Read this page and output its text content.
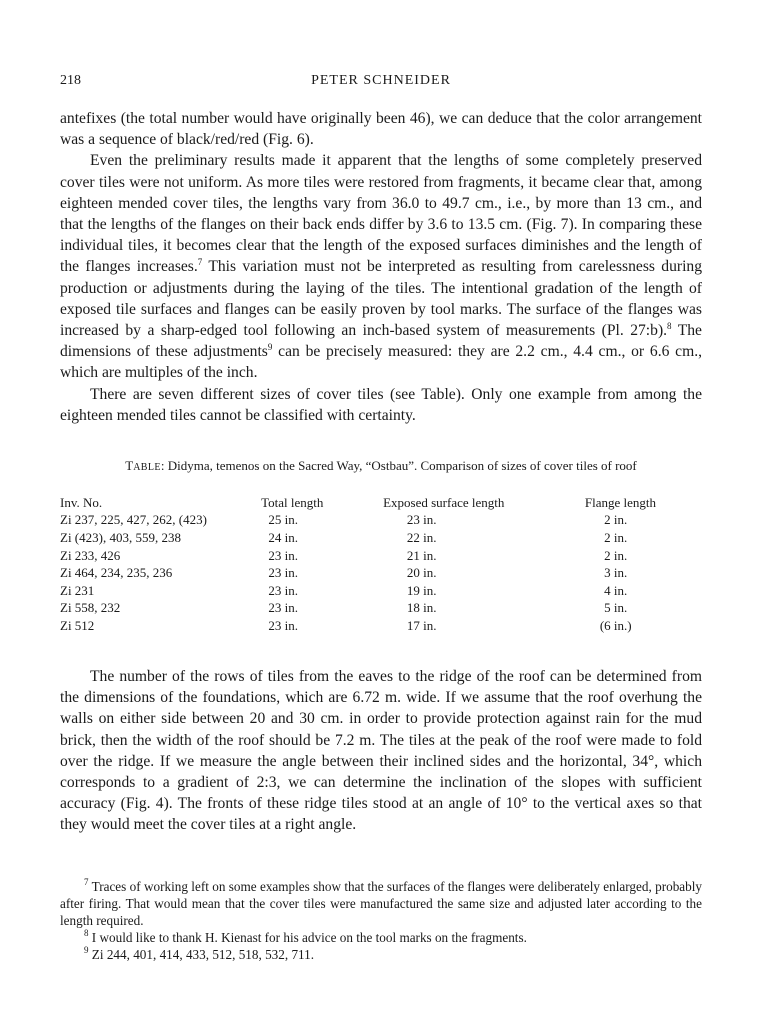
218	PETER SCHNEIDER

antefixes (the total number would have originally been 46), we can deduce that the color arrangement was a sequence of black/red/red (Fig. 6).

Even the preliminary results made it apparent that the lengths of some completely preserved cover tiles were not uniform. As more tiles were restored from fragments, it became clear that, among eighteen mended cover tiles, the lengths vary from 36.0 to 49.7 cm., i.e., by more than 13 cm., and that the lengths of the flanges on their back ends differ by 3.6 to 13.5 cm. (Fig. 7). In comparing these individual tiles, it becomes clear that the length of the exposed surfaces diminishes and the length of the flanges increases.$^7$ This variation must not be interpreted as resulting from carelessness during production or adjustments during the laying of the tiles. The intentional gradation of the length of exposed tile surfaces and flanges can be easily proven by tool marks. The surface of the flanges was increased by a sharp-edged tool following an inch-based system of measurements (Pl. 27:b).$^8$ The dimensions of these adjustments$^9$ can be precisely measured: they are 2.2 cm., 4.4 cm., or 6.6 cm., which are multiples of the inch.

There are seven different sizes of cover tiles (see Table). Only one example from among the eighteen mended tiles cannot be classified with certainty.

TABLE: Didyma, temenos on the Sacred Way, “Ostbau”. Comparison of sizes of cover tiles of roof
Inv. No.	Total length	Exposed surface length	Flange length
Zi 237, 225, 427, 262, (423)	25 in.	23 in.	2 in.
Zi (423), 403, 559, 238	24 in.	22 in.	2 in.
Zi 233, 426	23 in.	21 in.	2 in.
Zi 464, 234, 235, 236	23 in.	20 in.	3 in.
Zi 231	23 in.	19 in.	4 in.
Zi 558, 232	23 in.	18 in.	5 in.
Zi 512	23 in.	17 in.	(6 in.)

The number of the rows of tiles from the eaves to the ridge of the roof can be determined from the dimensions of the foundations, which are 6.72 m. wide. If we assume that the roof overhung the walls on either side between 20 and 30 cm. in order to provide protection against rain for the mud brick, then the width of the roof should be 7.2 m. The tiles at the peak of the roof were made to fold over the ridge. If we measure the angle between their inclined sides and the horizontal, 34°, which corresponds to a gradient of 2:3, we can determine the inclination of the slopes with sufficient accuracy (Fig. 4). The fronts of these ridge tiles stood at an angle of 10° to the vertical axes so that they would meet the cover tiles at a right angle.

$^7$ Traces of working left on some examples show that the surfaces of the flanges were deliberately enlarged, probably after firing. That would mean that the cover tiles were manufactured the same size and adjusted later according to the length required.

$^8$ I would like to thank H. Kienast for his advice on the tool marks on the fragments.

$^9$ Zi 244, 401, 414, 433, 512, 518, 532, 711.
